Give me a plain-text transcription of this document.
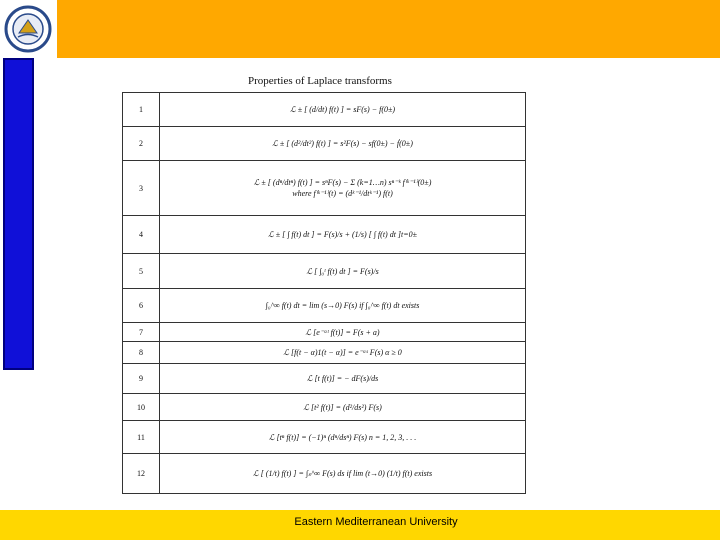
Properties of Laplace transforms
1	ℒ ± [ (d/dt) f(t) ] = sF(s) − f(0±)

2	ℒ ± [ (d²/dt²) f(t) ] = s²F(s) − sf(0±) − ḟ(0±)

3	ℒ ± [ (dⁿ/dtⁿ) f(t) ] = sⁿF(s) − Σ (k=1…n) sⁿ⁻ᵏ f⁽ᵏ⁻¹⁾(0±)
where f⁽ᵏ⁻¹⁾(t) = (dᵏ⁻¹/dtᵏ⁻¹) f(t)

4	ℒ ± [ ∫ f(t) dt ] = F(s)/s + (1/s) [ ∫ f(t) dt ]t=0±

5	ℒ [ ∫₀ᵗ f(t) dt ] = F(s)/s

6	∫₀^∞ f(t) dt = lim (s→0) F(s) if ∫₀^∞ f(t) dt exists

7	ℒ [e⁻ᵃᵗ f(t)] = F(s + a)

8	ℒ [f(t − α)1(t − α)] = e⁻ᵅˢ F(s) α ≥ 0

9	ℒ [t f(t)] = − dF(s)/ds

10	ℒ [t² f(t)] = (d²/ds²) F(s)

11	ℒ [tⁿ f(t)] = (−1)ⁿ (dⁿ/dsⁿ) F(s) n = 1, 2, 3, . . .

12	ℒ [ (1/t) f(t) ] = ∫ₛ^∞ F(s) ds if lim (t→0) (1/t) f(t) exists
Eastern Mediterranean University
